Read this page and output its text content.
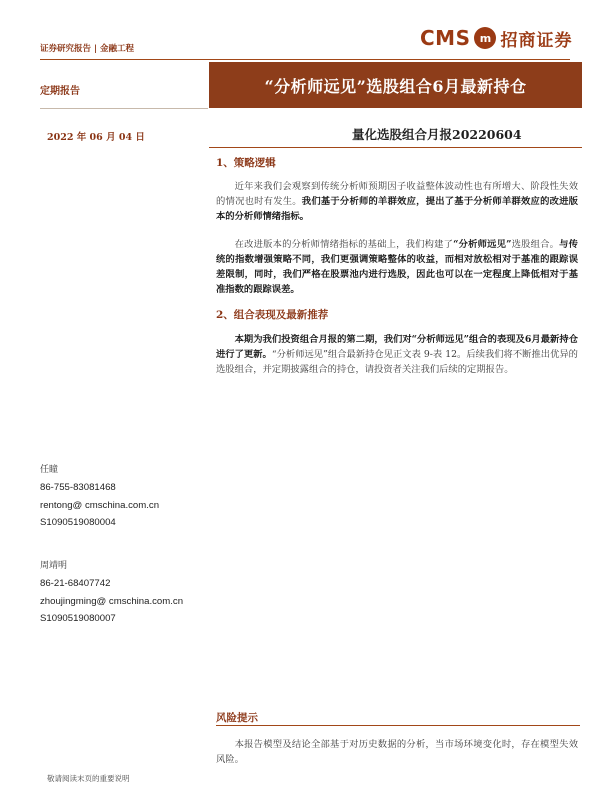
证券研究报告 | 金融工程	CMS m 招商证券
定期报告	“分析师远见”选股组合6月最新持仓
2022 年 06 月 04 日	量化选股组合月报20220604
1、策略逻辑
近年来我们会观察到传统分析师预期因子收益整体波动性也有所增大、阶段性失效的情况也时有发生。我们基于分析师的羊群效应，提出了基于分析师羊群效应的改进版本的分析师情绪指标。
在改进版本的分析师情绪指标的基础上，我们构建了“分析师远见”选股组合。与传统的指数增强策略不同，我们更强调策略整体的收益，而相对放松相对于基准的跟踪误差限制，同时，我们严格在股票池内进行选股，因此也可以在一定程度上降低相对于基准指数的跟踪误差。
2、组合表现及最新推荐
本期为我们投资组合月报的第二期，我们对“分析师远见”组合的表现及6月最新持仓进行了更新。“分析师远见”组合最新持仓见正文表 9-表 12。后续我们将不断推出优异的选股组合，并定期披露组合的持仓，请投资者关注我们后续的定期报告。
任瞳
86-755-83081468
rentong@ cmschina.com.cn
S1090519080004
周靖明
86-21-68407742
zhoujingming@ cmschina.com.cn
S1090519080007
风险提示
本报告模型及结论全部基于对历史数据的分析，当市场环境变化时，存在模型失效风险。
敬请阅读末页的重要说明
